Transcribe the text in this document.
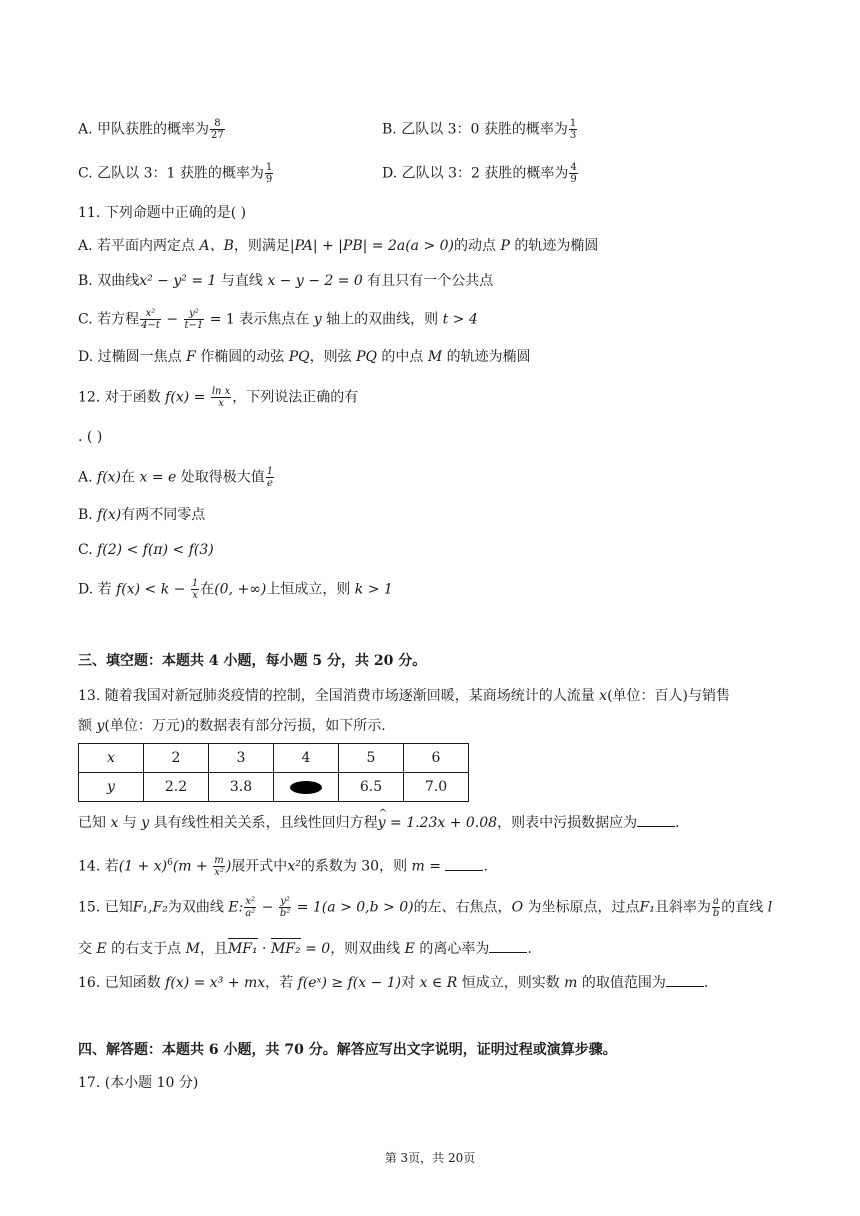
A. 甲队获胜的概率为 $\frac{8}{27}$	B. 乙队以 3：0 获胜的概率为 $\frac{1}{3}$
C. 乙队以 3：1 获胜的概率为 $\frac{1}{9}$	D. 乙队以 3：2 获胜的概率为 $\frac{4}{9}$
11. 下列命题中正确的是( )
A. 若平面内两定点 A、B，则满足|PA| + |PB| = 2a(a > 0)的动点 P 的轨迹为椭圆
B. 双曲线x² − y² = 1 与直线 x − y − 2 = 0 有且只有一个公共点
C. 若方程 $\frac{\text{x²}}{4-t} - \frac{\text{y²}}{t-1} = 1$ 表示焦点在 y 轴上的双曲线，则 t > 4
D. 过椭圆一焦点 F 作椭圆的动弦 PQ，则弦 PQ 的中点 M 的轨迹为椭圆
12. 对于函数 $f(x) = \frac{\text{ln x}}{x}$ ，下列说法正确的有
. ( )
A. f(x)在 x = e 处取得极大值 $\frac{1}{e}$
B. f(x)有两不同零点
C. f(2) < f(π) < f(3)
D. 若 $f(x) < k - \frac{1}{x}$ 在(0, +∞)上恒成立，则 k > 1
三、填空题：本题共 4 小题，每小题 5 分，共 20 分。
13. 随着我国对新冠肺炎疫情的控制，全国消费市场逐渐回暖，某商场统计的人流量 x(单位：百人)与销售
额 y(单位：万元)的数据表有部分污损，如下所示.
x	2	3	4	5	6
y	2.2	3.8		6.5	7.0
已知 x 与 y 具有线性相关关系，且线性回归方程^ y = 1.23x + 0.08，则表中污损数据应为	.
14. 若$(1 + x)^6(m + \frac{m}{\text{x²}}$ )展开式中x²的系数为 30，则 m =	.
15. 已知F₁,F₂为双曲线 E: $\frac{\text{x²}}{\text{a²}} - \frac{\text{y²}}{\text{b²}} = 1(a > 0,b > 0)$的左、右焦点，O 为坐标原点，过点F₁且斜率为 $\frac{a}{b}$ 的直线 l
交 E 的右支于点 M，且MF₁ · MF₂ = 0，则双曲线 E 的离心率为	.
16. 已知函数 f(x) = x³ + mx，若 f(eˣ) ≥ f(x − 1)对 x ∈ R 恒成立，则实数 m 的取值范围为	.
四、解答题：本题共 6 小题，共 70 分。解答应写出文字说明，证明过程或演算步骤。
17. (本小题 10 分)
第 3页，共 20页
